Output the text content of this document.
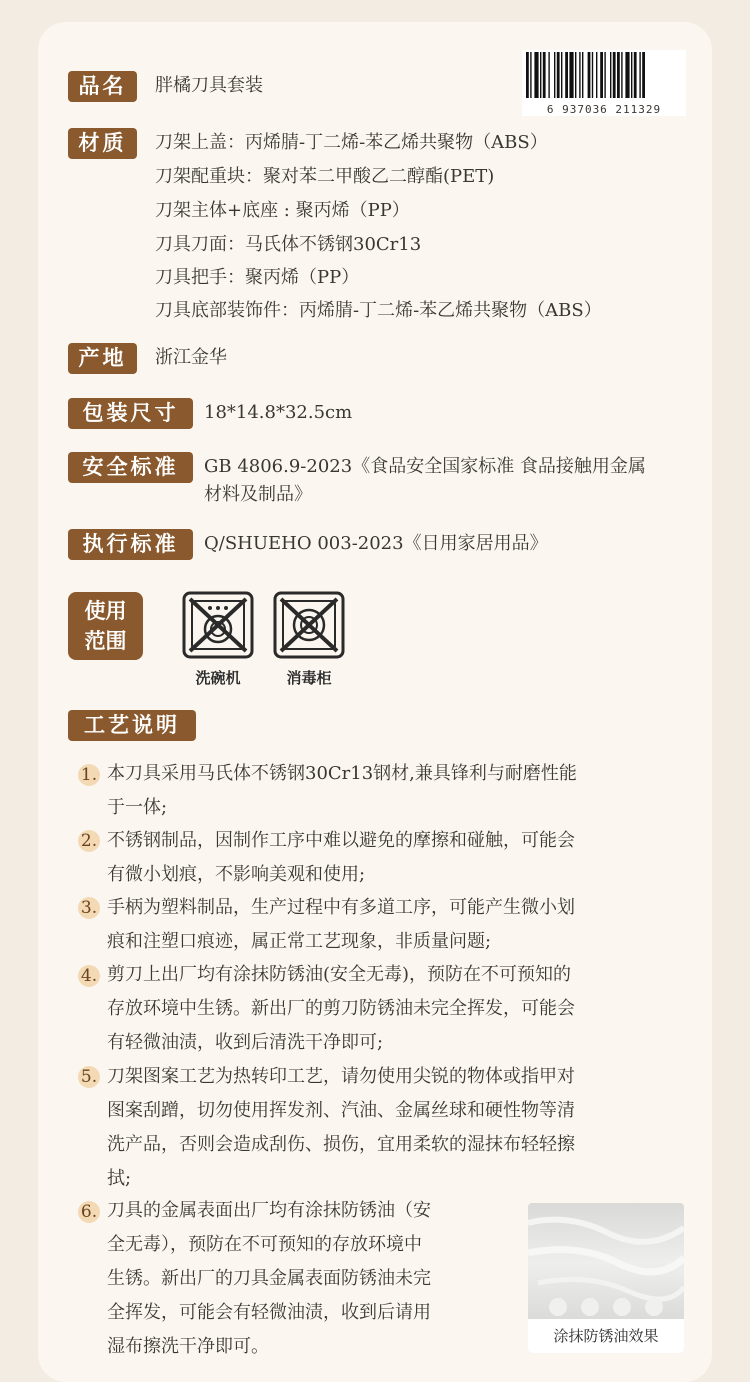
品名	胖橘刀具套装
6 937036 211329
材质	刀架上盖：丙烯腈-丁二烯-苯乙烯共聚物（ABS）
刀架配重块：聚对苯二甲酸乙二醇酯(PET)
刀架主体+底座 : 聚丙烯（PP）
刀具刀面：马氏体不锈钢30Cr13
刀具把手：聚丙烯（PP）
刀具底部装饰件：丙烯腈-丁二烯-苯乙烯共聚物（ABS）
产地	浙江金华
包装尺寸	18*14.8*32.5cm
安全标准	GB 4806.9-2023《食品安全国家标准 食品接触用金属
材料及制品》
执行标准	Q/SHUEHO 003-2023《日用家居用品》
使用
范围
洗碗机	消毒柜
工艺说明
1. 本刀具采用马氏体不锈钢30Cr13钢材,兼具锋利与耐磨性能
于一体;
2. 不锈钢制品，因制作工序中难以避免的摩擦和碰触，可能会
有微小划痕，不影响美观和使用;
3. 手柄为塑料制品，生产过程中有多道工序，可能产生微小划
痕和注塑口痕迹，属正常工艺现象，非质量问题;
4. 剪刀上出厂均有涂抹防锈油(安全无毒)，预防在不可预知的
存放环境中生锈。新出厂的剪刀防锈油未完全挥发，可能会
有轻微油渍，收到后清洗干净即可;
5. 刀架图案工艺为热转印工艺，请勿使用尖锐的物体或指甲对
图案刮蹭，切勿使用挥发剂、汽油、金属丝球和硬性物等清
洗产品，否则会造成刮伤、损伤，宜用柔软的湿抹布轻轻擦
拭;
6. 刀具的金属表面出厂均有涂抹防锈油（安
全无毒），预防在不可预知的存放环境中
生锈。新出厂的刀具金属表面防锈油未完
全挥发，可能会有轻微油渍，收到后请用
湿布擦洗干净即可。	涂抹防锈油效果
